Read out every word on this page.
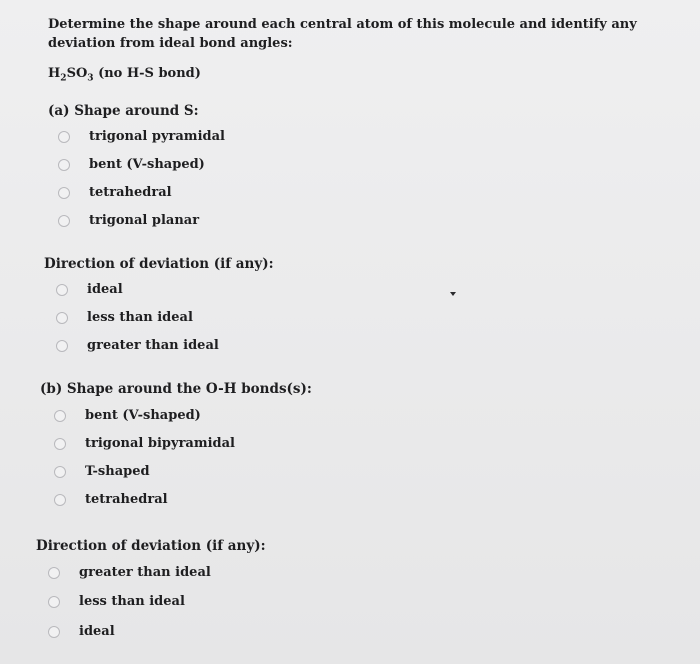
Determine the shape around each central atom of this molecule and identify any deviation from ideal bond angles:
$H_2SO_3$ (no H-S bond)
(a) Shape around S:
trigonal pyramidal
bent (V-shaped)
tetrahedral
trigonal planar
Direction of deviation (if any):
ideal
less than ideal
greater than ideal
(b) Shape around the O-H bonds(s):
bent (V-shaped)
trigonal bipyramidal
T-shaped
tetrahedral
Direction of deviation (if any):
greater than ideal
less than ideal
ideal
